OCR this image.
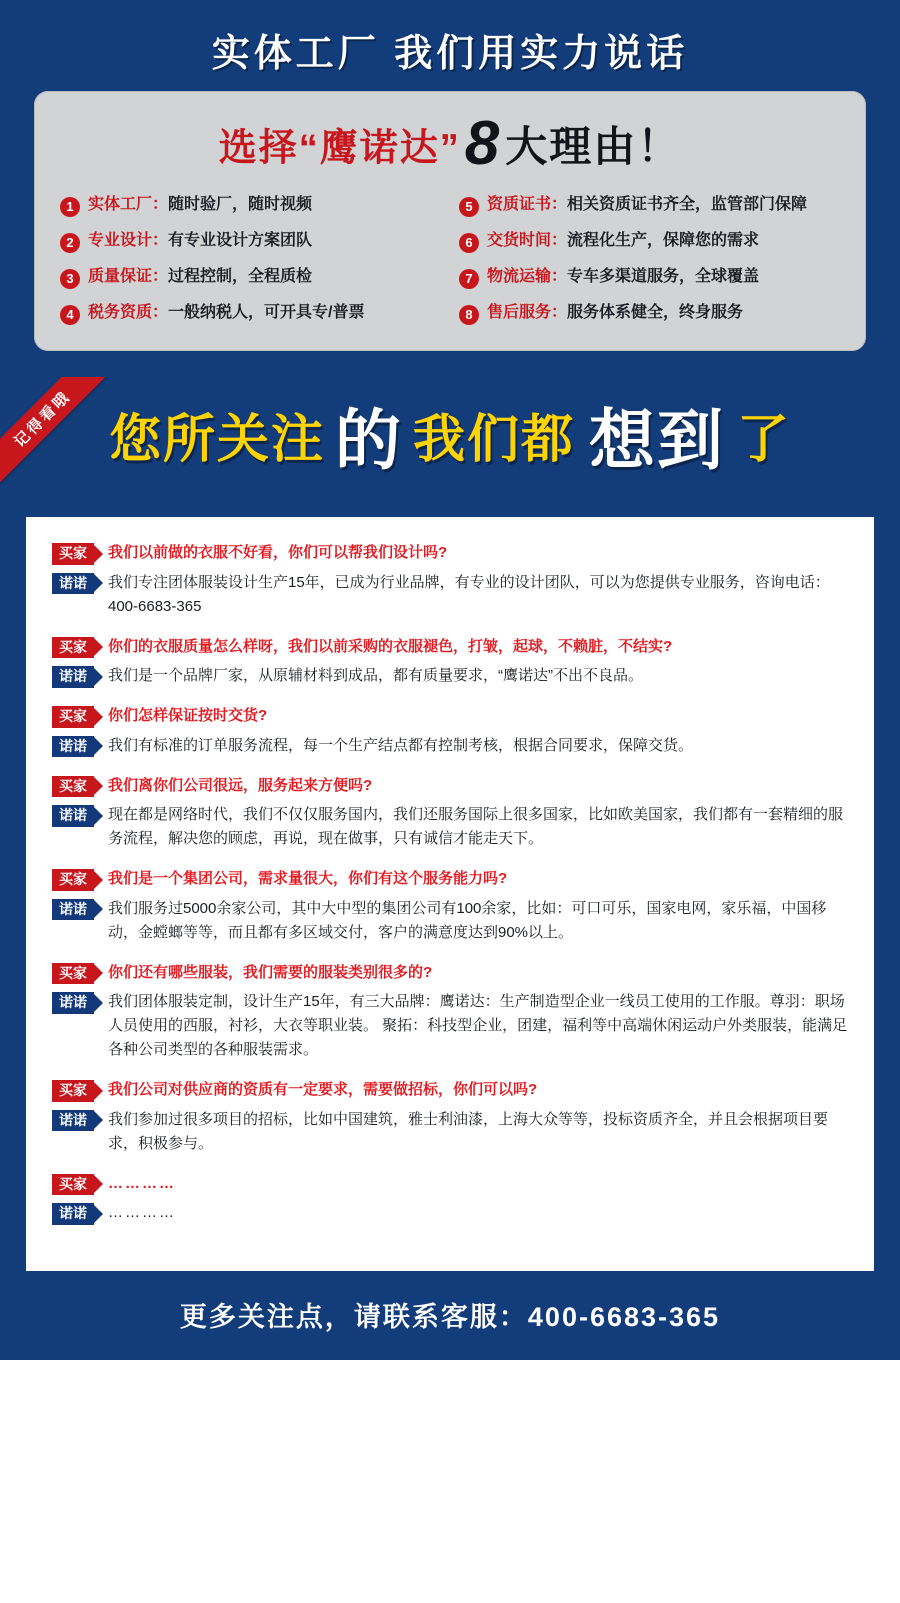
实体工厂 我们用实力说话
选择“鹰诺达”8 大理由！
1 实体工厂：随时验厂，随时视频	5 资质证书：相关资质证书齐全，监管部门保障
2 专业设计：有专业设计方案团队	6 交货时间：流程化生产，保障您的需求
3 质量保证：过程控制，全程质检	7 物流运输：专车多渠道服务，全球覆盖
4 税务资质：一般纳税人，可开具专/普票	8 售后服务：服务体系健全，终身服务
记得看哦 您所关注 的 我们都 想到 了
买家	我们以前做的衣服不好看，你们可以帮我们设计吗?
诺诺	我们专注团体服装设计生产15年，已成为行业品牌，有专业的设计团队，可以为您提供专业服务，咨询电话：400-6683-365
买家	你们的衣服质量怎么样呀，我们以前采购的衣服褪色，打皱，起球，不赖脏，不结实?
诺诺	我们是一个品牌厂家，从原辅材料到成品，都有质量要求，“鹰诺达”不出不良品。
买家	你们怎样保证按时交货?
诺诺	我们有标准的订单服务流程，每一个生产结点都有控制考核，根据合同要求，保障交货。
买家	我们离你们公司很远，服务起来方便吗?
诺诺	现在都是网络时代，我们不仅仅服务国内，我们还服务国际上很多国家，比如欧美国家，我们都有一套精细的服务流程，解决您的顾虑，再说，现在做事，只有诚信才能走天下。
买家	我们是一个集团公司，需求量很大，你们有这个服务能力吗?
诺诺	我们服务过5000余家公司，其中大中型的集团公司有100余家，比如：可口可乐，国家电网，家乐福，中国移动，金螳螂等等，而且都有多区域交付，客户的满意度达到90%以上。
买家	你们还有哪些服装，我们需要的服装类别很多的?
诺诺	我们团体服装定制，设计生产15年，有三大品牌：鹰诺达：生产制造型企业一线员工使用的工作服。尊羽：职场人员使用的西服，衬衫，大衣等职业装。 聚拓：科技型企业，团建，福利等中高端休闲运动户外类服装，能满足各种公司类型的各种服装需求。
买家	我们公司对供应商的资质有一定要求，需要做招标，你们可以吗?
诺诺	我们参加过很多项目的招标，比如中国建筑，雅士利油漆，上海大众等等，投标资质齐全，并且会根据项目要求，积极参与。
买家	…………
诺诺	…………
更多关注点，请联系客服：400-6683-365
